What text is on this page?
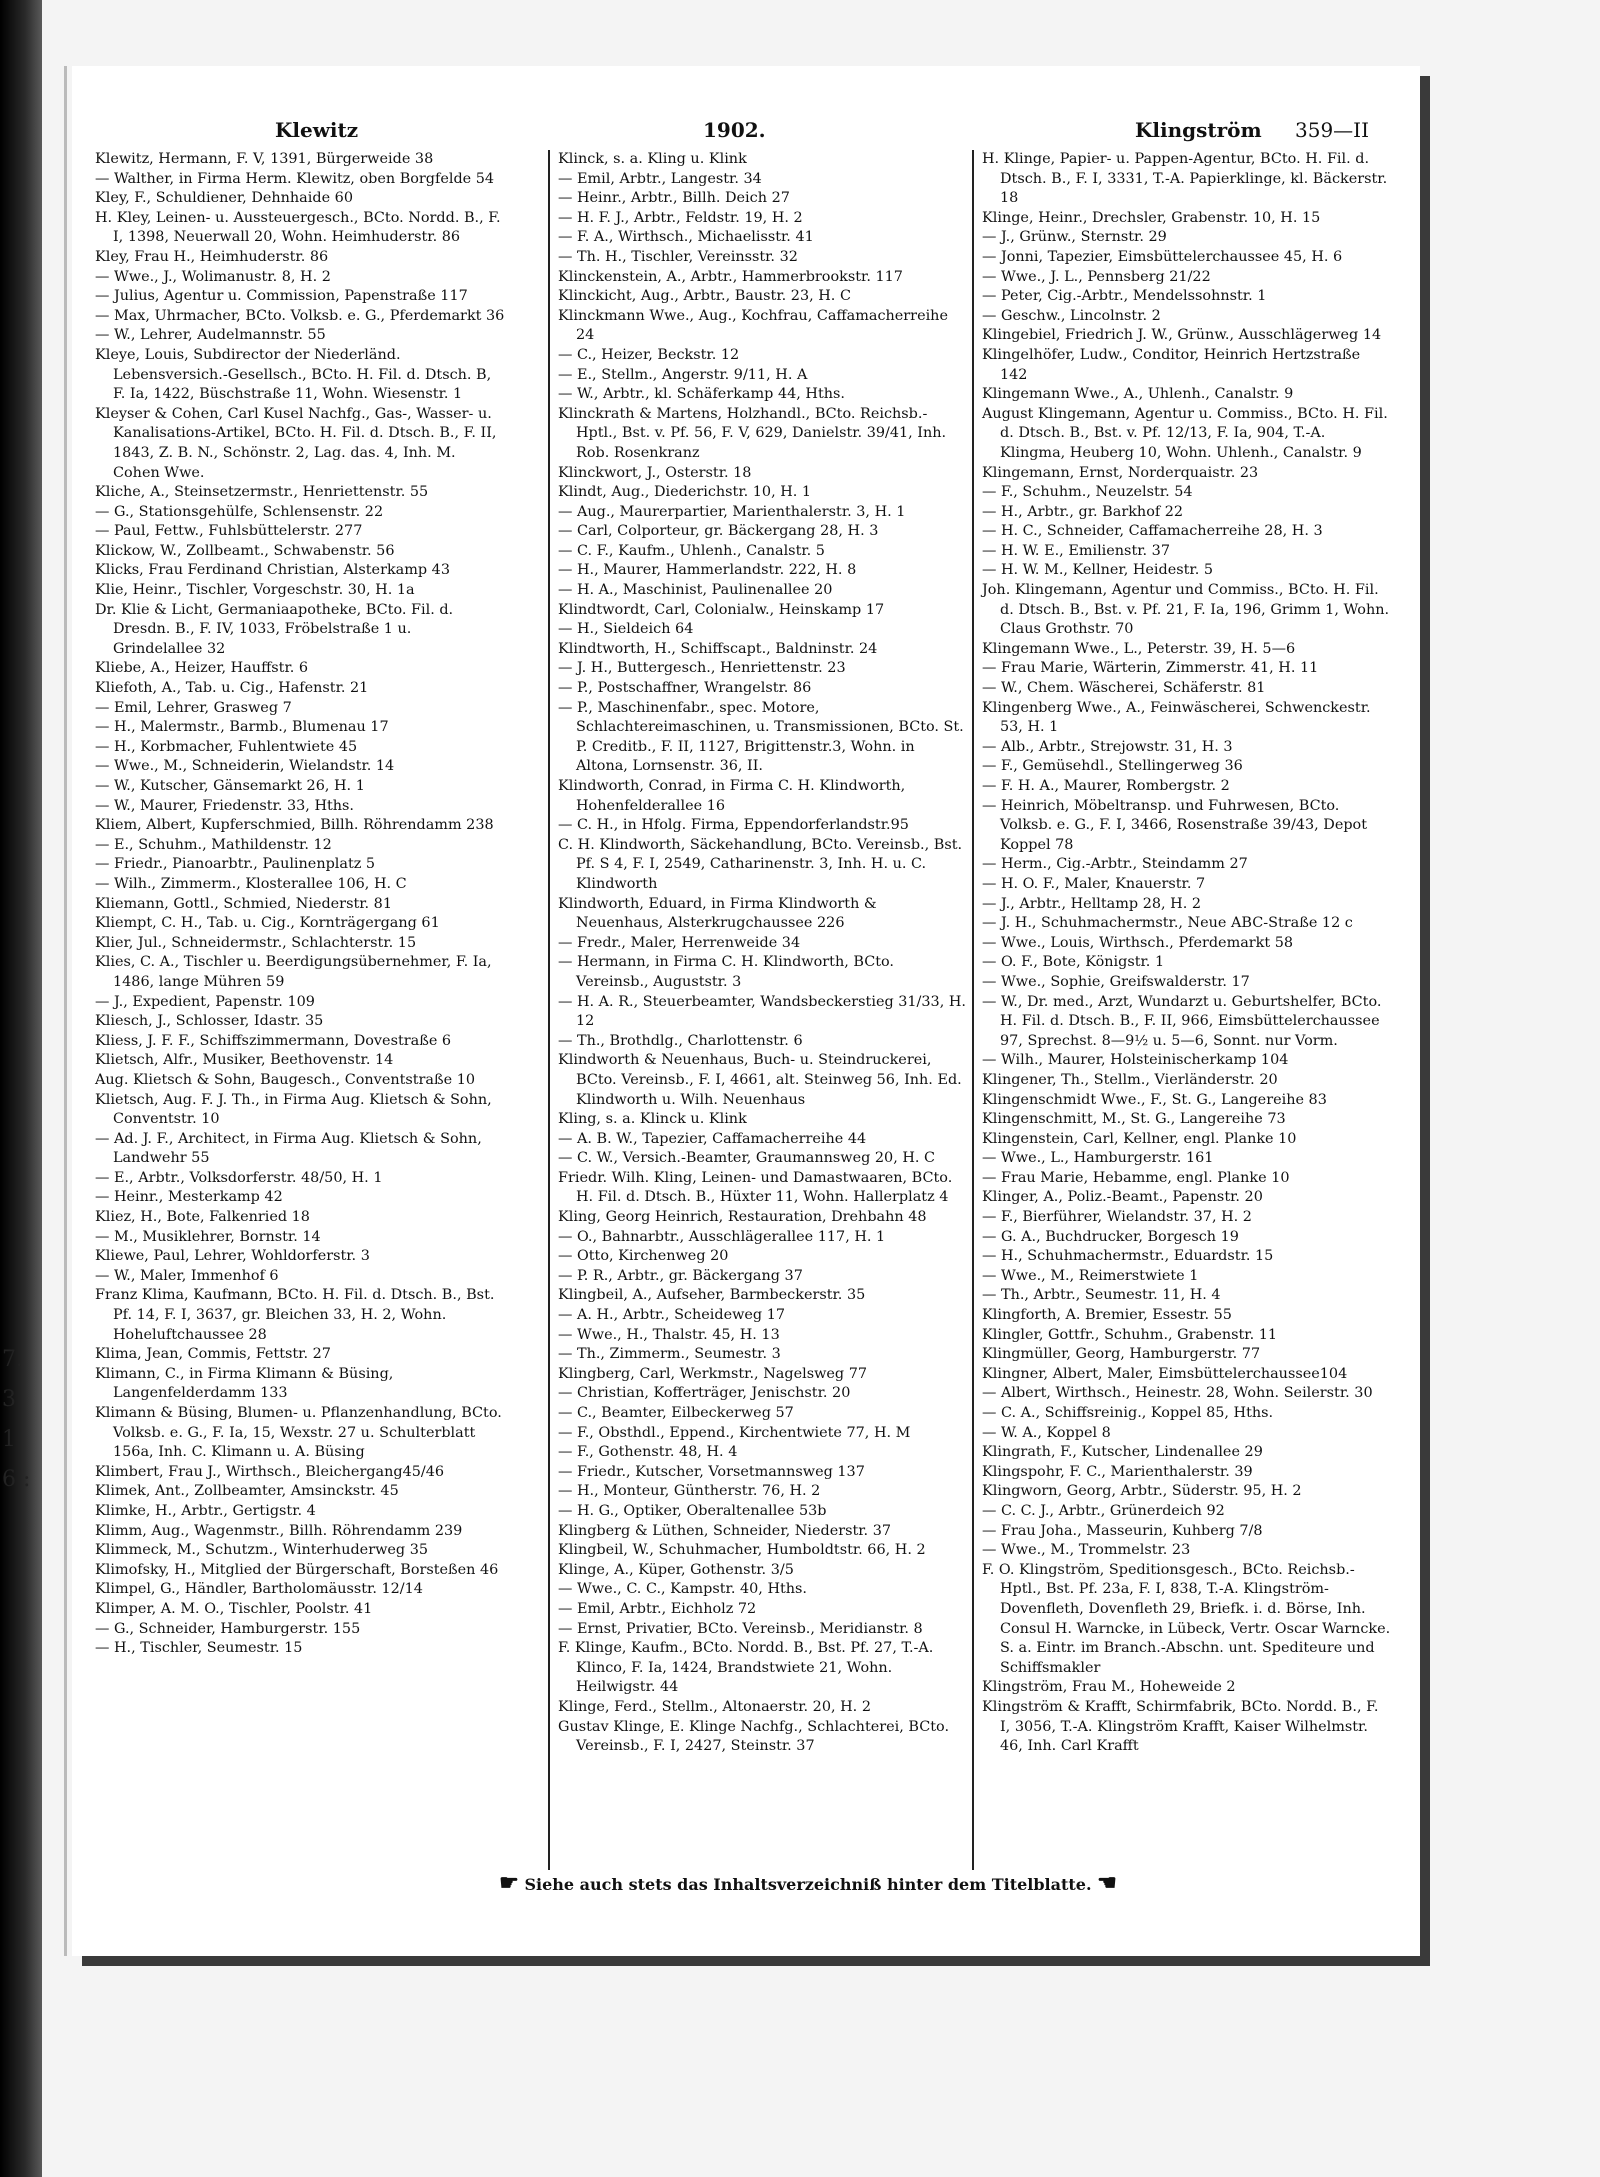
7. 3 1 6 :
Klewitz	1902.	Klingström 359—II
Klewitz, Hermann, F. V, 1391, Bürgerweide 38
— Walther, in Firma Herm. Klewitz, oben Borgfelde 54
Kley, F., Schuldiener, Dehnhaide 60
H. Kley, Leinen- u. Aussteuergesch., BCto. Nordd. B., F. I, 1398, Neuerwall 20, Wohn. Heimhuderstr. 86
Kley, Frau H., Heimhuderstr. 86
— Wwe., J., Wolimanustr. 8, H. 2
— Julius, Agentur u. Commission, Papenstraße 117
— Max, Uhrmacher, BCto. Volksb. e. G., Pferdemarkt 36
— W., Lehrer, Audelmannstr. 55
Kleye, Louis, Subdirector der Niederländ. Lebensversich.-Gesellsch., BCto. H. Fil. d. Dtsch. B, F. Ia, 1422, Büschstraße 11, Wohn. Wiesenstr. 1
Kleyser & Cohen, Carl Kusel Nachfg., Gas-, Wasser- u. Kanalisations-Artikel, BCto. H. Fil. d. Dtsch. B., F. II, 1843, Z. B. N., Schönstr. 2, Lag. das. 4, Inh. M. Cohen Wwe.
Kliche, A., Steinsetzermstr., Henriettenstr. 55
— G., Stationsgehülfe, Schlensenstr. 22
— Paul, Fettw., Fuhlsbüttelerstr. 277
Klickow, W., Zollbeamt., Schwabenstr. 56
Klicks, Frau Ferdinand Christian, Alsterkamp 43
Klie, Heinr., Tischler, Vorgeschstr. 30, H. 1a
Dr. Klie & Licht, Germaniaapotheke, BCto. Fil. d. Dresdn. B., F. IV, 1033, Fröbelstraße 1 u. Grindelallee 32
Kliebe, A., Heizer, Hauffstr. 6
Kliefoth, A., Tab. u. Cig., Hafenstr. 21
— Emil, Lehrer, Grasweg 7
— H., Malermstr., Barmb., Blumenau 17
— H., Korbmacher, Fuhlentwiete 45
— Wwe., M., Schneiderin, Wielandstr. 14
— W., Kutscher, Gänsemarkt 26, H. 1
— W., Maurer, Friedenstr. 33, Hths.
Kliem, Albert, Kupferschmied, Billh. Röhrendamm 238
— E., Schuhm., Mathildenstr. 12
— Friedr., Pianoarbtr., Paulinenplatz 5
— Wilh., Zimmerm., Klosterallee 106, H. C
Kliemann, Gottl., Schmied, Niederstr. 81
Kliempt, C. H., Tab. u. Cig., Kornträgergang 61
Klier, Jul., Schneidermstr., Schlachterstr. 15
Klies, C. A., Tischler u. Beerdigungsübernehmer, F. Ia, 1486, lange Mühren 59
— J., Expedient, Papenstr. 109
Kliesch, J., Schlosser, Idastr. 35
Kliess, J. F. F., Schiffszimmermann, Dovestraße 6
Klietsch, Alfr., Musiker, Beethovenstr. 14
Aug. Klietsch & Sohn, Baugesch., Conventstraße 10
Klietsch, Aug. F. J. Th., in Firma Aug. Klietsch & Sohn, Conventstr. 10
— Ad. J. F., Architect, in Firma Aug. Klietsch & Sohn, Landwehr 55
— E., Arbtr., Volksdorferstr. 48/50, H. 1
— Heinr., Mesterkamp 42
Kliez, H., Bote, Falkenried 18
— M., Musiklehrer, Bornstr. 14
Kliewe, Paul, Lehrer, Wohldorferstr. 3
— W., Maler, Immenhof 6
Franz Klima, Kaufmann, BCto. H. Fil. d. Dtsch. B., Bst. Pf. 14, F. I, 3637, gr. Bleichen 33, H. 2, Wohn. Hoheluftchaussee 28
Klima, Jean, Commis, Fettstr. 27
Klimann, C., in Firma Klimann & Büsing, Langenfelderdamm 133
Klimann & Büsing, Blumen- u. Pflanzenhandlung, BCto. Volksb. e. G., F. Ia, 15, Wexstr. 27 u. Schulterblatt 156a, Inh. C. Klimann u. A. Büsing
Klimbert, Frau J., Wirthsch., Bleichergang45/46
Klimek, Ant., Zollbeamter, Amsinckstr. 45
Klimke, H., Arbtr., Gertigstr. 4
Klimm, Aug., Wagenmstr., Billh. Röhrendamm 239
Klimmeck, M., Schutzm., Winterhuderweg 35
Klimofsky, H., Mitglied der Bürgerschaft, Borsteßen 46
Klimpel, G., Händler, Bartholomäusstr. 12/14
Klimper, A. M. O., Tischler, Poolstr. 41
— G., Schneider, Hamburgerstr. 155
— H., Tischler, Seumestr. 15
Klinck, s. a. Kling u. Klink
— Emil, Arbtr., Langestr. 34
— Heinr., Arbtr., Billh. Deich 27
— H. F. J., Arbtr., Feldstr. 19, H. 2
— F. A., Wirthsch., Michaelisstr. 41
— Th. H., Tischler, Vereinsstr. 32
Klinckenstein, A., Arbtr., Hammerbrookstr. 117
Klinckicht, Aug., Arbtr., Baustr. 23, H. C
Klinckmann Wwe., Aug., Kochfrau, Caffamacherreihe 24
— C., Heizer, Beckstr. 12
— E., Stellm., Angerstr. 9/11, H. A
— W., Arbtr., kl. Schäferkamp 44, Hths.
Klinckrath & Martens, Holzhandl., BCto. Reichsb.-Hptl., Bst. v. Pf. 56, F. V, 629, Danielstr. 39/41, Inh. Rob. Rosenkranz
Klinckwort, J., Osterstr. 18
Klindt, Aug., Diederichstr. 10, H. 1
— Aug., Maurerpartier, Marienthalerstr. 3, H. 1
— Carl, Colporteur, gr. Bäckergang 28, H. 3
— C. F., Kaufm., Uhlenh., Canalstr. 5
— H., Maurer, Hammerlandstr. 222, H. 8
— H. A., Maschinist, Paulinenallee 20
Klindtwordt, Carl, Colonialw., Heinskamp 17
— H., Sieldeich 64
Klindtworth, H., Schiffscapt., Baldninstr. 24
— J. H., Buttergesch., Henriettenstr. 23
— P., Postschaffner, Wrangelstr. 86
— P., Maschinenfabr., spec. Motore, Schlachtereimaschinen, u. Transmissionen, BCto. St. P. Creditb., F. II, 1127, Brigittenstr.3, Wohn. in Altona, Lornsenstr. 36, II.
Klindworth, Conrad, in Firma C. H. Klindworth, Hohenfelderallee 16
— C. H., in Hfolg. Firma, Eppendorferlandstr.95
C. H. Klindworth, Säckehandlung, BCto. Vereinsb., Bst. Pf. S 4, F. I, 2549, Catharinenstr. 3, Inh. H. u. C. Klindworth
Klindworth, Eduard, in Firma Klindworth & Neuenhaus, Alsterkrugchaussee 226
— Fredr., Maler, Herrenweide 34
— Hermann, in Firma C. H. Klindworth, BCto. Vereinsb., Auguststr. 3
— H. A. R., Steuerbeamter, Wandsbeckerstieg 31/33, H. 12
— Th., Brothdlg., Charlottenstr. 6
Klindworth & Neuenhaus, Buch- u. Steindruckerei, BCto. Vereinsb., F. I, 4661, alt. Steinweg 56, Inh. Ed. Klindworth u. Wilh. Neuenhaus
Kling, s. a. Klinck u. Klink
— A. B. W., Tapezier, Caffamacherreihe 44
— C. W., Versich.-Beamter, Graumannsweg 20, H. C
Friedr. Wilh. Kling, Leinen- und Damastwaaren, BCto. H. Fil. d. Dtsch. B., Hüxter 11, Wohn. Hallerplatz 4
Kling, Georg Heinrich, Restauration, Drehbahn 48
— O., Bahnarbtr., Ausschlägerallee 117, H. 1
— Otto, Kirchenweg 20
— P. R., Arbtr., gr. Bäckergang 37
Klingbeil, A., Aufseher, Barmbeckerstr. 35
— A. H., Arbtr., Scheideweg 17
— Wwe., H., Thalstr. 45, H. 13
— Th., Zimmerm., Seumestr. 3
Klingberg, Carl, Werkmstr., Nagelsweg 77
— Christian, Kofferträger, Jenischstr. 20
— C., Beamter, Eilbeckerweg 57
— F., Obsthdl., Eppend., Kirchentwiete 77, H. M
— F., Gothenstr. 48, H. 4
— Friedr., Kutscher, Vorsetmannsweg 137
— H., Monteur, Güntherstr. 76, H. 2
— H. G., Optiker, Oberaltenallee 53b
Klingberg & Lüthen, Schneider, Niederstr. 37
Klingbeil, W., Schuhmacher, Humboldtstr. 66, H. 2
Klinge, A., Küper, Gothenstr. 3/5
— Wwe., C. C., Kampstr. 40, Hths.
— Emil, Arbtr., Eichholz 72
— Ernst, Privatier, BCto. Vereinsb., Meridianstr. 8
F. Klinge, Kaufm., BCto. Nordd. B., Bst. Pf. 27, T.-A. Klinco, F. Ia, 1424, Brandstwiete 21, Wohn. Heilwigstr. 44
Klinge, Ferd., Stellm., Altonaerstr. 20, H. 2
Gustav Klinge, E. Klinge Nachfg., Schlachterei, BCto. Vereinsb., F. I, 2427, Steinstr. 37
H. Klinge, Papier- u. Pappen-Agentur, BCto. H. Fil. d. Dtsch. B., F. I, 3331, T.-A. Papierklinge, kl. Bäckerstr. 18
Klinge, Heinr., Drechsler, Grabenstr. 10, H. 15
— J., Grünw., Sternstr. 29
— Jonni, Tapezier, Eimsbüttelerchaussee 45, H. 6
— Wwe., J. L., Pennsberg 21/22
— Peter, Cig.-Arbtr., Mendelssohnstr. 1
— Geschw., Lincolnstr. 2
Klingebiel, Friedrich J. W., Grünw., Ausschlägerweg 14
Klingelhöfer, Ludw., Conditor, Heinrich Hertzstraße 142
Klingemann Wwe., A., Uhlenh., Canalstr. 9
August Klingemann, Agentur u. Commiss., BCto. H. Fil. d. Dtsch. B., Bst. v. Pf. 12/13, F. Ia, 904, T.-A. Klingma, Heuberg 10, Wohn. Uhlenh., Canalstr. 9
Klingemann, Ernst, Norderquaistr. 23
— F., Schuhm., Neuzelstr. 54
— H., Arbtr., gr. Barkhof 22
— H. C., Schneider, Caffamacherreihe 28, H. 3
— H. W. E., Emilienstr. 37
— H. W. M., Kellner, Heidestr. 5
Joh. Klingemann, Agentur und Commiss., BCto. H. Fil. d. Dtsch. B., Bst. v. Pf. 21, F. Ia, 196, Grimm 1, Wohn. Claus Grothstr. 70
Klingemann Wwe., L., Peterstr. 39, H. 5—6
— Frau Marie, Wärterin, Zimmerstr. 41, H. 11
— W., Chem. Wäscherei, Schäferstr. 81
Klingenberg Wwe., A., Feinwäscherei, Schwenckestr. 53, H. 1
— Alb., Arbtr., Strejowstr. 31, H. 3
— F., Gemüsehdl., Stellingerweg 36
— F. H. A., Maurer, Rombergstr. 2
— Heinrich, Möbeltransp. und Fuhrwesen, BCto. Volksb. e. G., F. I, 3466, Rosenstraße 39/43, Depot Koppel 78
— Herm., Cig.-Arbtr., Steindamm 27
— H. O. F., Maler, Knauerstr. 7
— J., Arbtr., Helltamp 28, H. 2
— J. H., Schuhmachermstr., Neue ABC-Straße 12 c
— Wwe., Louis, Wirthsch., Pferdemarkt 58
— O. F., Bote, Königstr. 1
— Wwe., Sophie, Greifswalderstr. 17
— W., Dr. med., Arzt, Wundarzt u. Geburtshelfer, BCto. H. Fil. d. Dtsch. B., F. II, 966, Eimsbüttelerchaussee 97, Sprechst. 8—9½ u. 5—6, Sonnt. nur Vorm.
— Wilh., Maurer, Holsteinischerkamp 104
Klingener, Th., Stellm., Vierländerstr. 20
Klingenschmidt Wwe., F., St. G., Langereihe 83
Klingenschmitt, M., St. G., Langereihe 73
Klingenstein, Carl, Kellner, engl. Planke 10
— Wwe., L., Hamburgerstr. 161
— Frau Marie, Hebamme, engl. Planke 10
Klinger, A., Poliz.-Beamt., Papenstr. 20
— F., Bierführer, Wielandstr. 37, H. 2
— G. A., Buchdrucker, Borgesch 19
— H., Schuhmachermstr., Eduardstr. 15
— Wwe., M., Reimerstwiete 1
— Th., Arbtr., Seumestr. 11, H. 4
Klingforth, A. Bremier, Essestr. 55
Klingler, Gottfr., Schuhm., Grabenstr. 11
Klingmüller, Georg, Hamburgerstr. 77
Klingner, Albert, Maler, Eimsbüttelerchaussee104
— Albert, Wirthsch., Heinestr. 28, Wohn. Seilerstr. 30
— C. A., Schiffsreinig., Koppel 85, Hths.
— W. A., Koppel 8
Klingrath, F., Kutscher, Lindenallee 29
Klingspohr, F. C., Marienthalerstr. 39
Klingworn, Georg, Arbtr., Süderstr. 95, H. 2
— C. C. J., Arbtr., Grünerdeich 92
— Frau Joha., Masseurin, Kuhberg 7/8
— Wwe., M., Trommelstr. 23
F. O. Klingström, Speditionsgesch., BCto. Reichsb.-Hptl., Bst. Pf. 23a, F. I, 838, T.-A. Klingström-Dovenfleth, Dovenfleth 29, Briefk. i. d. Börse, Inh. Consul H. Warncke, in Lübeck, Vertr. Oscar Warncke. S. a. Eintr. im Branch.-Abschn. unt. Spediteure und Schiffsmakler
Klingström, Frau M., Hoheweide 2
Klingström & Krafft, Schirmfabrik, BCto. Nordd. B., F. I, 3056, T.-A. Klingström Krafft, Kaiser Wilhelmstr. 46, Inh. Carl Krafft
☛ Siehe auch stets das Inhaltsverzeichniß hinter dem Titelblatte. ☚
